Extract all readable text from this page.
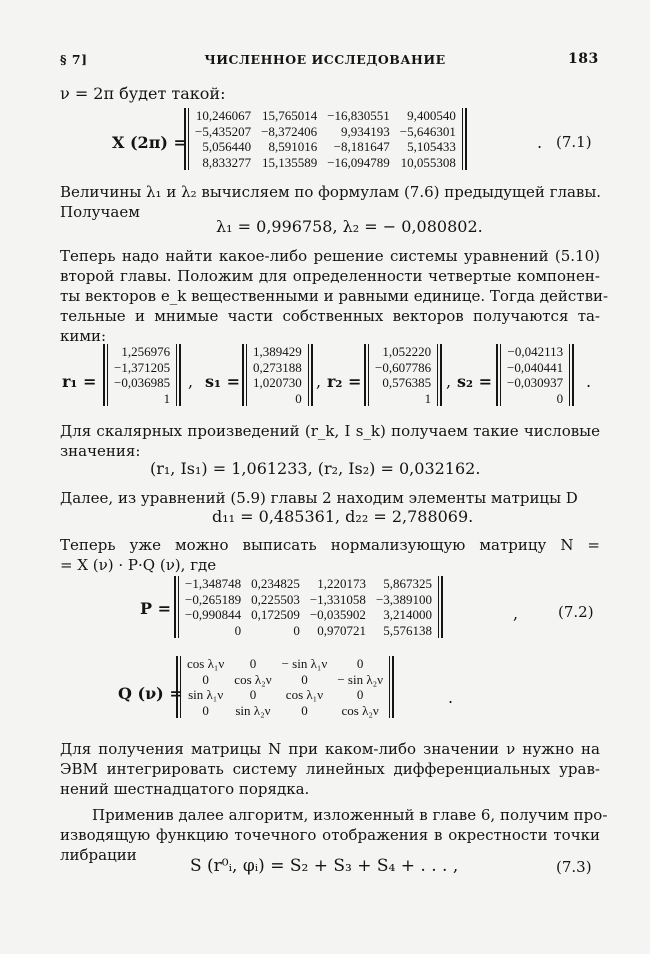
§ 7]	ЧИСЛЕННОЕ ИССЛЕДОВАНИЕ	183
ν = 2π будет такой:
X (2π) =
10,246067	15,765014	−16,830551	9,400540
−5,435207	−8,372406	9,934193	−5,646301
5,056440	8,591016	−8,181647	5,105433
8,833277	15,135589	−16,094789	10,055308
. (7.1)
Величины λ₁ и λ₂ вычисляем по формулам (7.6) предыдущей главы.
Получаем
λ₁ = 0,996758, λ₂ = − 0,080802.
Теперь надо найти какое-либо решение системы уравнений (5.10)
второй главы. Положим для определенности четвертые компонен-
ты векторов e_k вещественными и равными единице. Тогда действи-
тельные и мнимые части собственных векторов получаются та-
кими:
r₁ =
1,256976
−1,371205
−0,036985
1
, s₁ =
1,389429
0,273188
1,020730
0
, r₂ =
1,052220
−0,607786
0,576385
1
, s₂ =
−0,042113
−0,040441
−0,030937
0
.
Для скалярных произведений (r_k, I s_k) получаем такие числовые
значения:
(r₁, Is₁) = 1,061233, (r₂, Is₂) = 0,032162.
Далее, из уравнений (5.9) главы 2 находим элементы матрицы D
d₁₁ = 0,485361, d₂₂ = 2,788069.
Теперь уже можно выписать нормализующую матрицу N =
= X (ν) · P·Q (ν), где
P =
−1,348748	0,234825	1,220173	5,867325
−0,265189	0,225503	−1,331058	−3,389100
−0,990844	0,172509	−0,035902	3,214000
0	0	0,970721	5,576138
,	(7.2)
Q (ν) =
cos λ₁ν	0	− sin λ₁ν	0
0	cos λ₂ν	0	− sin λ₂ν
sin λ₁ν	0	cos λ₁ν	0
0	sin λ₂ν	0	cos λ₂ν
.
Для получения матрицы N при каком-либо значении ν нужно на
ЭВМ интегрировать систему линейных дифференциальных урав-
нений шестнадцатого порядка.
Применив далее алгоритм, изложенный в главе 6, получим про-
изводящую функцию точечного отображения в окрестности точки
либрации
S (r⁰ᵢ, φᵢ) = S₂ + S₃ + S₄ + . . . ,	(7.3)
